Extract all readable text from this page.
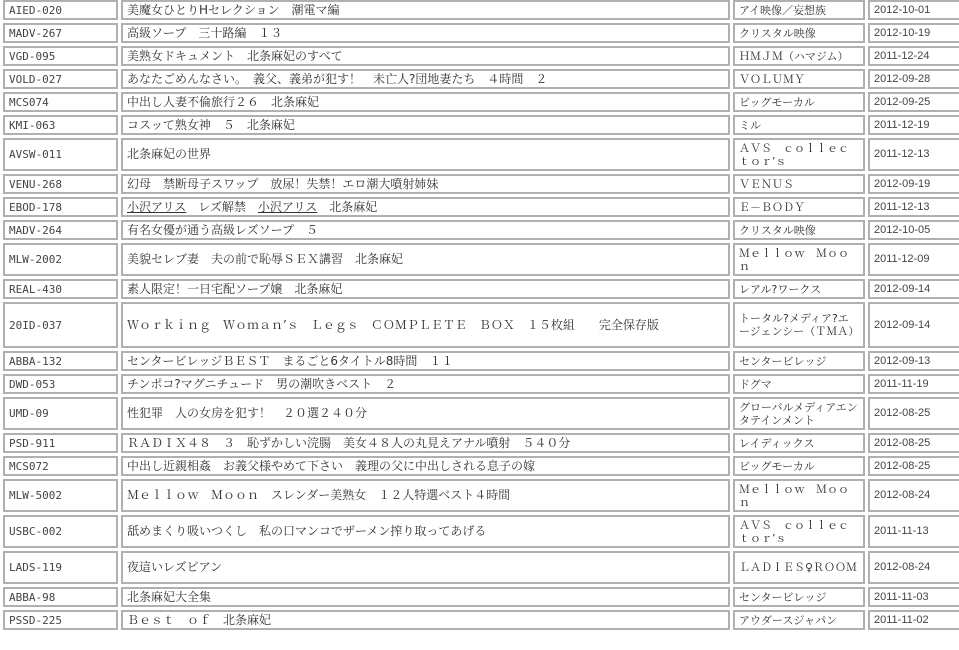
AIED-020	美魔女ひとりHセレクション　潮電マ編	アイ映像／妄想族	2012-10-01
MADV-267	高級ソープ　三十路編　１３	クリスタル映像	2012-10-19
VGD-095	美熟女ドキュメント　北条麻妃のすべて	ＨＭＪＭ（ハマジム）	2011-12-24
VOLD-027	あなたごめんなさい。　義父、義弟が犯す！　未亡人?団地妻たち　４時間　２	ＶＯＬＵＭＹ	2012-09-28
MCS074	中出し人妻不倫旅行２６　北条麻妃	ビッグモーカル	2012-09-25
KMI-063	コスッて熟女神　５　北条麻妃	ミル	2011-12-19
AVSW-011	北条麻妃の世界	ＡＶＳ　ｃｏｌｌｅｃｔｏｒ’ｓ	2011-12-13
VENU-268	幻母　禁断母子スワップ　放尿！失禁！エロ潮大噴射姉妹	ＶＥＮＵＳ	2012-09-19
EBOD-178	小沢アリス　レズ解禁　小沢アリス　北条麻妃	Ｅ－ＢＯＤＹ	2011-12-13
MADV-264	有名女優が通う高級レズソープ　５	クリスタル映像	2012-10-05
MLW-2002	美貌セレブ妻　夫の前で恥辱ＳＥＸ講習　北条麻妃	Ｍｅｌｌｏｗ　Ｍｏｏｎ	2011-12-09
REAL-430	素人限定！一日宅配ソープ嬢　北条麻妃	レアル?ワークス	2012-09-14
20ID-037	Ｗｏｒｋｉｎｇ　Ｗｏｍａｎ’ｓ　Ｌｅｇｓ　ＣＯＭＰＬＥＴＥ　ＢＯＸ　１５枚組　　完全保存版	トータル?メディア?エージェンシー（ＴＭＡ）	2012-09-14
ABBA-132	センタービレッジＢＥＳＴ　まるごと6タイトル8時間　１１	センタービレッジ	2012-09-13
DWD-053	チンポコ?マグニチュード　男の潮吹きベスト　２	ドグマ	2011-11-19
UMD-09	性犯罪　人の女房を犯す！　２０選２４０分	グローバルメディアエンタテインメント	2012-08-25
PSD-911	ＲＡＤＩＸ４８　３　恥ずかしい浣腸　美女４８人の丸見えアナル噴射　５４０分	レイディックス	2012-08-25
MCS072	中出し近親相姦　お義父様やめて下さい　義理の父に中出しされる息子の嫁	ビッグモーカル	2012-08-25
MLW-5002	Ｍｅｌｌｏｗ　Ｍｏｏｎ　スレンダー美熟女　１２人特選ベスト４時間	Ｍｅｌｌｏｗ　Ｍｏｏｎ	2012-08-24
USBC-002	舐めまくり吸いつくし　私の口マンコでザーメン搾り取ってあげる	ＡＶＳ　ｃｏｌｌｅｃｔｏｒ’ｓ	2011-11-13
LADS-119	夜這いレズビアン	ＬＡＤＩＥＳ♀ＲＯＯＭ	2012-08-24
ABBA-98	北条麻妃大全集	センタービレッジ	2011-11-03
PSSD-225	Ｂｅｓｔ　ｏｆ　北条麻妃	アウダースジャパン	2011-11-02
